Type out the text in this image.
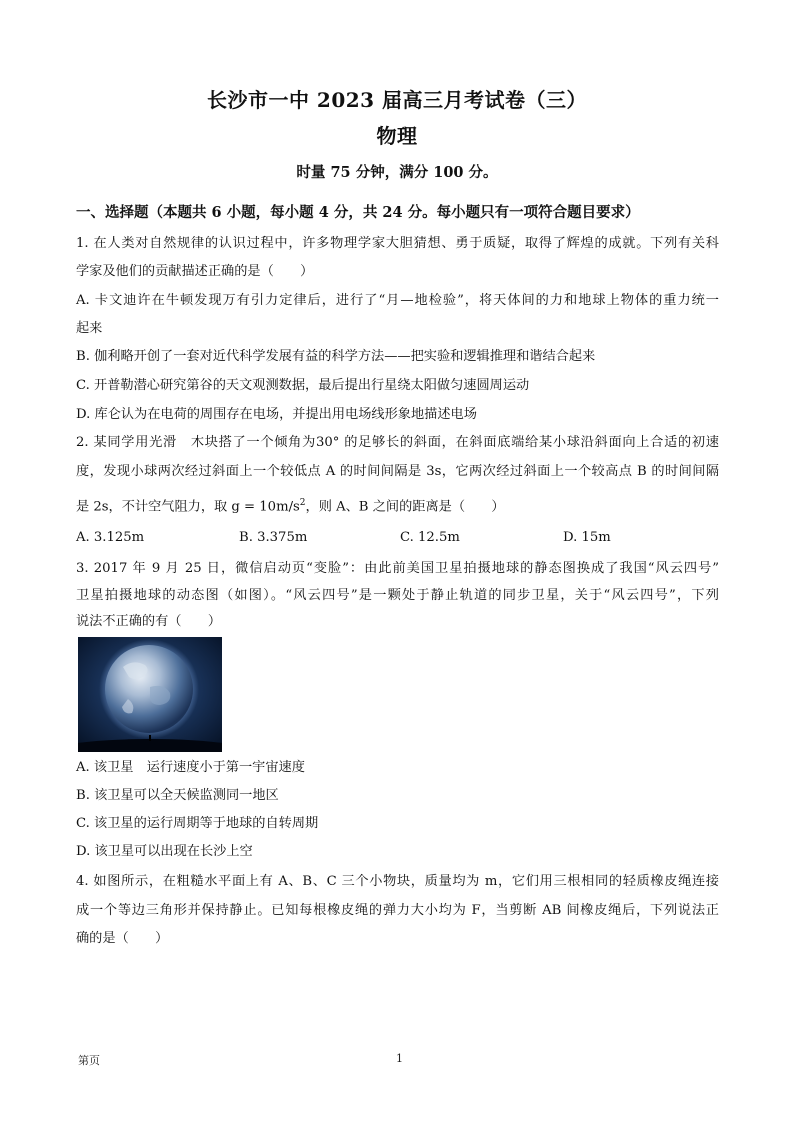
长沙市一中 2023 届高三月考试卷（三）
物理
时量 75 分钟，满分 100 分。
一、选择题（本题共 6 小题，每小题 4 分，共 24 分。每小题只有一项符合题目要求）
1. 在人类对自然规律的认识过程中，许多物理学家大胆猜想、勇于质疑，取得了辉煌的成就。下列有关科
学家及他们的贡献描述正确的是（　　）
A. 卡文迪许在牛顿发现万有引力定律后，进行了“月—地检验”，将天体间的力和地球上物体的重力统一
起来
B. 伽利略开创了一套对近代科学发展有益的科学方法——把实验和逻辑推理和谐结合起来
C. 开普勒潜心研究第谷的天文观测数据，最后提出行星绕太阳做匀速圆周运动
D. 库仑认为在电荷的周围存在电场，并提出用电场线形象地描述电场
2. 某同学用光滑　木块搭了一个倾角为30° 的足够长的斜面，在斜面底端给某小球沿斜面向上合适的初速
度，发现小球两次经过斜面上一个较低点 A 的时间间隔是 3s，它两次经过斜面上一个较高点 B 的时间间隔
是 2s，不计空气阻力，取 $g = 10m/s^2$，则 A、B 之间的距离是（　　）
A. 3.125m	B. 3.375m	C. 12.5m	D. 15m
3. 2017 年 9 月 25 日，微信启动页“变脸”：由此前美国卫星拍摄地球的静态图换成了我国“风云四号”
卫星拍摄地球的动态图（如图）。“风云四号”是一颗处于静止轨道的同步卫星，关于“风云四号”，下列
说法不正确的有（　　）
A. 该卫星　运行速度小于第一宇宙速度
B. 该卫星可以全天候监测同一地区
C. 该卫星的运行周期等于地球的自转周期
D. 该卫星可以出现在长沙上空
4. 如图所示，在粗糙水平面上有 A、B、C 三个小物块，质量均为 m，它们用三根相同的轻质橡皮绳连接
成一个等边三角形并保持静止。已知每根橡皮绳的弹力大小均为 F，当剪断 AB 间橡皮绳后，下列说法正
确的是（　　）
第页	1
